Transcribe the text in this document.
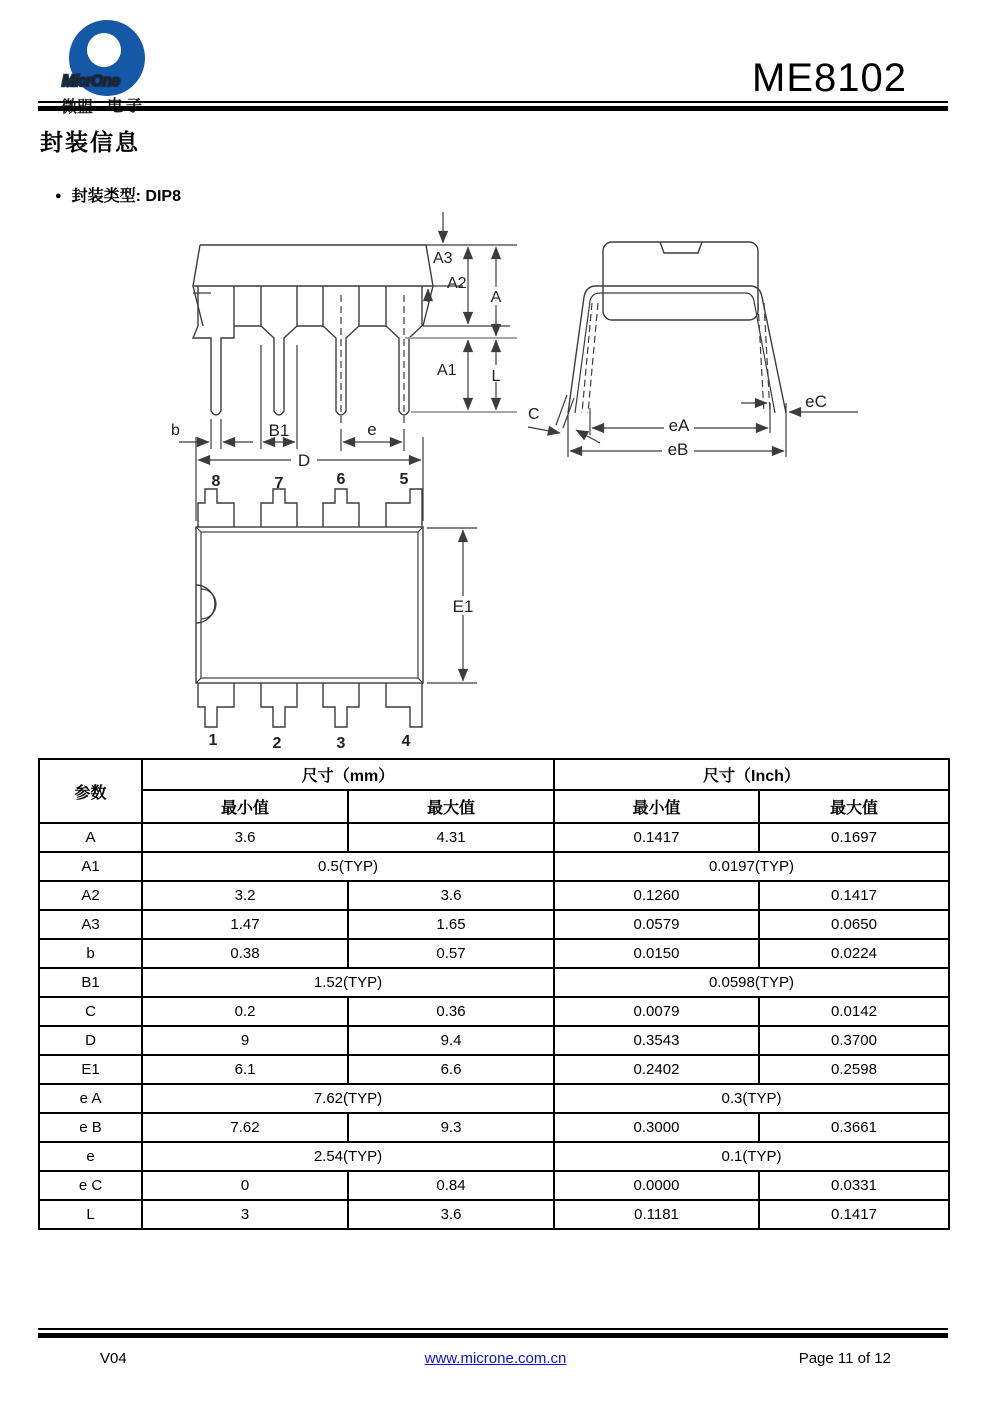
MicrOne	ME8102
封装信息
● 封装类型: DIP8
A3
A2
A
A1 L
b	B1	e
D
8	7	6	5
1	2	3	4
E1
C
eA
eC
eB
参数	尺寸（mm）		尺寸（Inch）	
	最小值	最大值	最小值	最大值
A	3.6	4.31	0.1417	0.1697
A1	0.5(TYP)		0.0197(TYP)	
A2	3.2	3.6	0.1260	0.1417
A3	1.47	1.65	0.0579	0.0650
b	0.38	0.57	0.0150	0.0224
B1	1.52(TYP)		0.0598(TYP)	
C	0.2	0.36	0.0079	0.0142
D	9	9.4	0.3543	0.3700
E1	6.1	6.6	0.2402	0.2598
e A	7.62(TYP)		0.3(TYP)	
e B	7.62	9.3	0.3000	0.3661
e	2.54(TYP)		0.1(TYP)	
e C	0	0.84	0.0000	0.0331
L	3	3.6	0.1181	0.1417
V04	www.microne.com.cn	Page 11 of 12
